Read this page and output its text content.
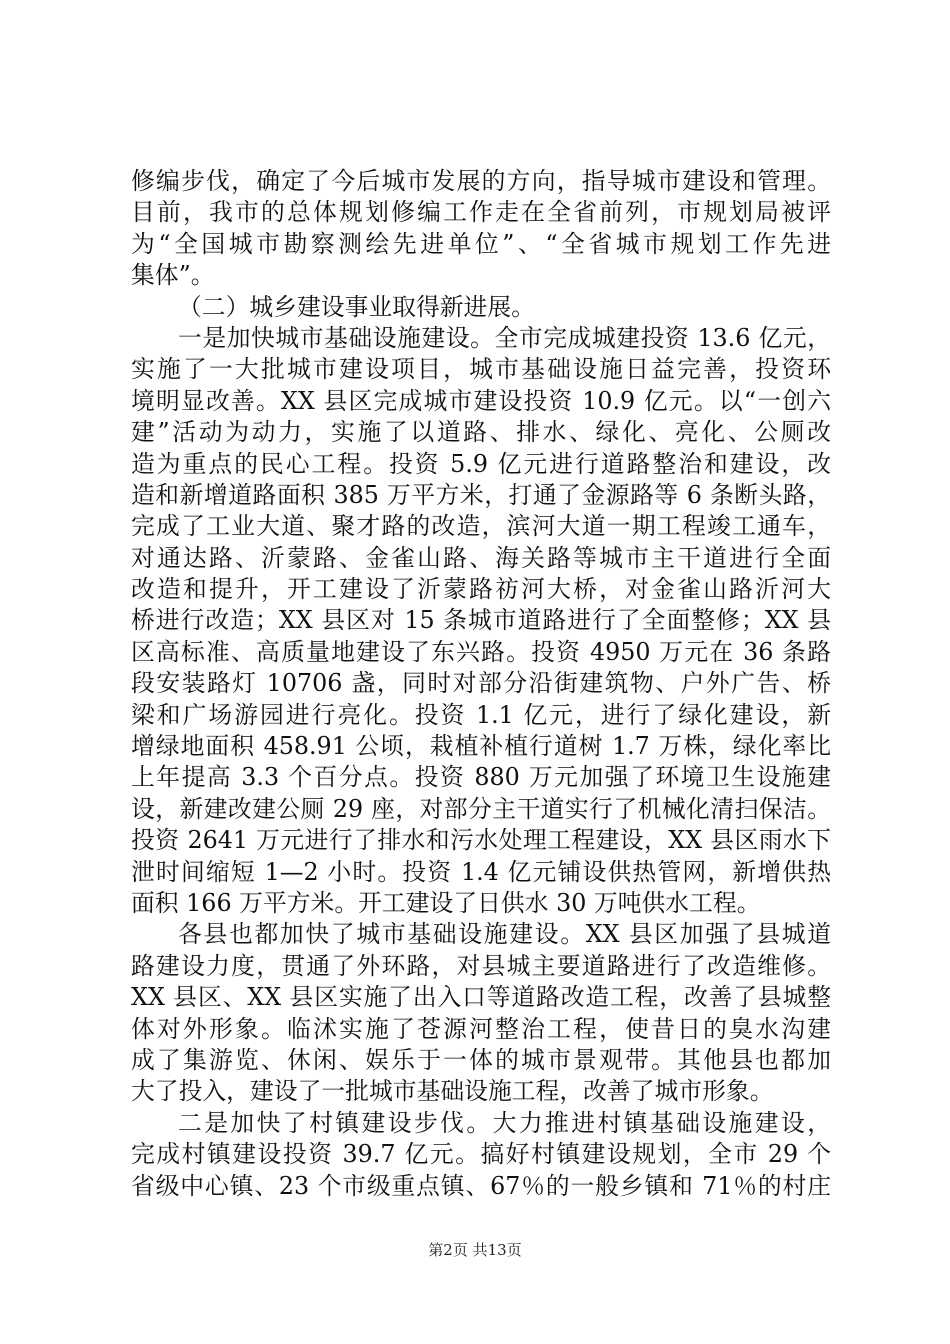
修编步伐，确定了今后城市发展的方向，指导城市建设和管理。
目前，我市的总体规划修编工作走在全省前列，市规划局被评
为“全国城市勘察测绘先进单位”、“全省城市规划工作先进
集体”。
（二）城乡建设事业取得新进展。
一是加快城市基础设施建设。全市完成城建投资 13.6 亿元，
实施了一大批城市建设项目，城市基础设施日益完善，投资环
境明显改善。XX 县区完成城市建设投资 10.9 亿元。以“一创六
建”活动为动力，实施了以道路、排水、绿化、亮化、公厕改
造为重点的民心工程。投资 5.9 亿元进行道路整治和建设，改
造和新增道路面积 385 万平方米，打通了金源路等 6 条断头路，
完成了工业大道、聚才路的改造，滨河大道一期工程竣工通车，
对通达路、沂蒙路、金雀山路、海关路等城市主干道进行全面
改造和提升，开工建设了沂蒙路祊河大桥，对金雀山路沂河大
桥进行改造；XX 县区对 15 条城市道路进行了全面整修；XX 县
区高标准、高质量地建设了东兴路。投资 4950 万元在 36 条路
段安装路灯 10706 盏，同时对部分沿街建筑物、户外广告、桥
梁和广场游园进行亮化。投资 1.1 亿元，进行了绿化建设，新
增绿地面积 458.91 公顷，栽植补植行道树 1.7 万株，绿化率比
上年提高 3.3 个百分点。投资 880 万元加强了环境卫生设施建
设，新建改建公厕 29 座，对部分主干道实行了机械化清扫保洁。
投资 2641 万元进行了排水和污水处理工程建设，XX 县区雨水下
泄时间缩短 1—2 小时。投资 1.4 亿元铺设供热管网，新增供热
面积 166 万平方米。开工建设了日供水 30 万吨供水工程。
各县也都加快了城市基础设施建设。XX 县区加强了县城道
路建设力度，贯通了外环路，对县城主要道路进行了改造维修。
XX 县区、XX 县区实施了出入口等道路改造工程，改善了县城整
体对外形象。临沭实施了苍源河整治工程，使昔日的臭水沟建
成了集游览、休闲、娱乐于一体的城市景观带。其他县也都加
大了投入，建设了一批城市基础设施工程，改善了城市形象。
二是加快了村镇建设步伐。大力推进村镇基础设施建设，
完成村镇建设投资 39.7 亿元。搞好村镇建设规划，全市 29 个
省级中心镇、23 个市级重点镇、67％的一般乡镇和 71％的村庄
第2页 共13页
